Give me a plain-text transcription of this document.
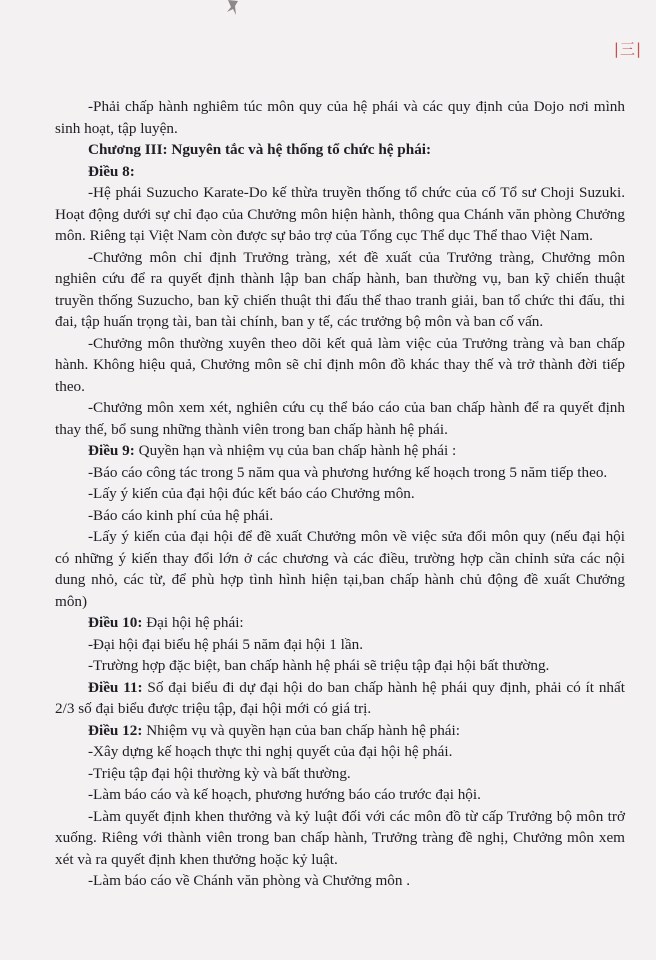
|三|

-Phải chấp hành nghiêm túc môn quy của hệ phái và các quy định của Dojo nơi mình sinh hoạt, tập luyện.

Chương III: Nguyên tắc và hệ thống tổ chức hệ phái:

Điều 8:

-Hệ phái Suzucho Karate-Do kế thừa truyền thống tổ chức của cố Tổ sư Choji Suzuki. Hoạt động dưới sự chỉ đạo của Chưởng môn hiện hành, thông qua Chánh văn phòng Chưởng môn. Riêng tại Việt Nam còn được sự bảo trợ của Tổng cục Thể dục Thể thao Việt Nam.

-Chưởng môn chỉ định Trưởng tràng, xét đề xuất của Trưởng tràng, Chưởng môn nghiên cứu để ra quyết định thành lập ban chấp hành, ban thường vụ, ban kỹ chiến thuật truyền thống Suzucho, ban kỹ chiến thuật thi đấu thể thao tranh giải, ban tổ chức thi đấu, thi đai, tập huấn trọng tài, ban tài chính, ban y tế, các trưởng bộ môn và ban cố vấn.

-Chưởng môn thường xuyên theo dõi kết quả làm việc của Trưởng tràng và ban chấp hành. Không hiệu quả, Chưởng môn sẽ chỉ định môn đồ khác thay thế và trở thành đời tiếp theo.

-Chưởng môn xem xét, nghiên cứu cụ thể báo cáo của ban chấp hành để ra quyết định thay thế, bổ sung những thành viên trong ban chấp hành hệ phái.

Điều 9: Quyền hạn và nhiệm vụ của ban chấp hành hệ phái :

-Báo cáo công tác trong 5 năm qua và phương hướng kế hoạch trong 5 năm tiếp theo.

-Lấy ý kiến của đại hội đúc kết báo cáo Chưởng môn.

-Báo cáo kinh phí của hệ phái.

-Lấy ý kiến của đại hội để đề xuất Chưởng môn về việc sửa đổi môn quy (nếu đại hội có những ý kiến thay đổi lớn ở các chương và các điều, trường hợp cần chỉnh sửa các nội dung nhỏ, các từ, để phù hợp tình hình hiện tại,ban chấp hành chủ động đề xuất Chưởng môn)

Điều 10: Đại hội hệ phái:

-Đại hội đại biểu hệ phái 5 năm đại hội 1 lần.

-Trường hợp đặc biệt, ban chấp hành hệ phái sẽ triệu tập đại hội bất thường.

Điều 11: Số đại biểu đi dự đại hội do ban chấp hành hệ phái quy định, phải có ít nhất 2/3 số đại biểu được triệu tập, đại hội mới có giá trị.

Điều 12: Nhiệm vụ và quyền hạn của ban chấp hành hệ phái:

-Xây dựng kế hoạch thực thi nghị quyết của đại hội hệ phái.

-Triệu tập đại hội thường kỳ và bất thường.

-Làm báo cáo và kế hoạch, phương hướng báo cáo trước đại hội.

-Làm quyết định khen thưởng và kỷ luật đối với các môn đồ từ cấp Trưởng bộ môn trở xuống. Riêng với thành viên trong ban chấp hành, Trưởng tràng đề nghị, Chưởng môn xem xét và ra quyết định khen thưởng hoặc kỷ luật.

-Làm báo cáo về Chánh văn phòng và Chưởng môn .
